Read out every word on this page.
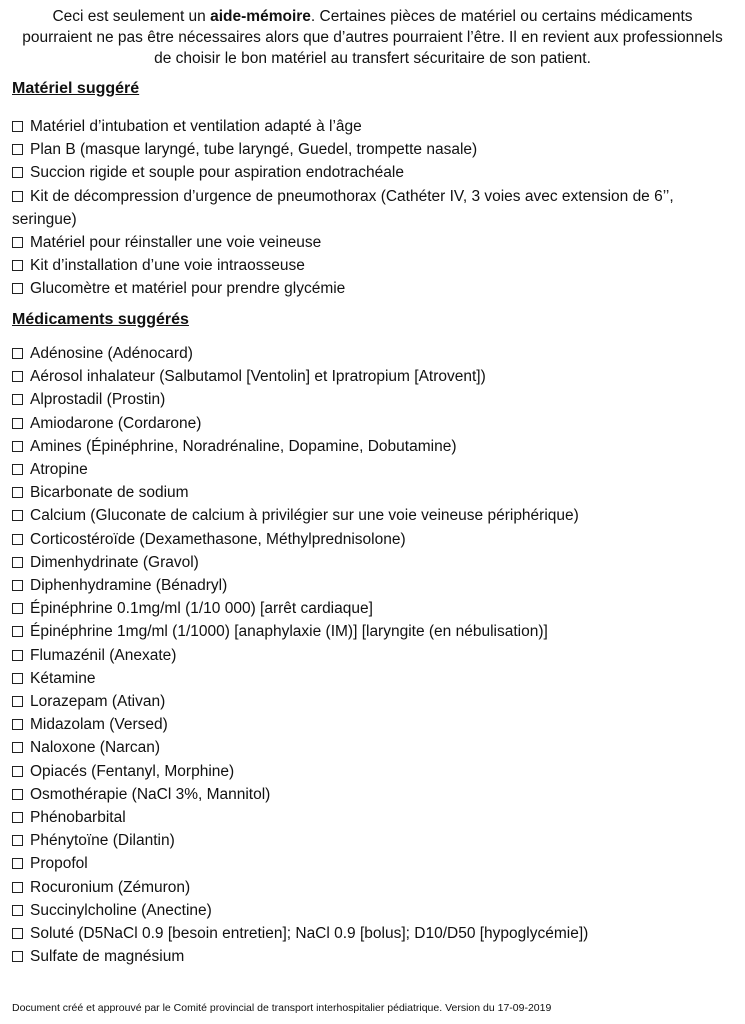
Ceci est seulement un aide-mémoire. Certaines pièces de matériel ou certains médicaments pourraient ne pas être nécessaires alors que d’autres pourraient l’être. Il en revient aux professionnels de choisir le bon matériel au transfert sécuritaire de son patient.
Matériel suggéré
Matériel d’intubation et ventilation adapté à l’âge
Plan B (masque laryngé, tube laryngé, Guedel, trompette nasale)
Succion rigide et souple pour aspiration endotrachéale
Kit de décompression d’urgence de pneumothorax (Cathéter IV, 3 voies avec extension de 6’’, seringue)
Matériel pour réinstaller une voie veineuse
Kit d’installation d’une voie intraosseuse
Glucomètre et matériel pour prendre glycémie
Médicaments suggérés
Adénosine (Adénocard)
Aérosol inhalateur (Salbutamol [Ventolin] et Ipratropium [Atrovent])
Alprostadil (Prostin)
Amiodarone (Cordarone)
Amines (Épinéphrine, Noradrénaline, Dopamine, Dobutamine)
Atropine
Bicarbonate de sodium
Calcium (Gluconate de calcium à privilégier sur une voie veineuse périphérique)
Corticostéroïde (Dexamethasone, Méthylprednisolone)
Dimenhydrinate (Gravol)
Diphenhydramine (Bénadryl)
Épinéphrine 0.1mg/ml (1/10 000) [arrêt cardiaque]
Épinéphrine 1mg/ml (1/1000) [anaphylaxie (IM)] [laryngite (en nébulisation)]
Flumazénil (Anexate)
Kétamine
Lorazepam (Ativan)
Midazolam (Versed)
Naloxone (Narcan)
Opiacés (Fentanyl, Morphine)
Osmothérapie (NaCl 3%, Mannitol)
Phénobarbital
Phénytoïne (Dilantin)
Propofol
Rocuronium (Zémuron)
Succinylcholine (Anectine)
Soluté (D5NaCl 0.9 [besoin entretien]; NaCl 0.9 [bolus]; D10/D50 [hypoglycémie])
Sulfate de magnésium
Document créé et approuvé par le Comité provincial de transport interhospitalier pédiatrique. Version du 17-09-2019
